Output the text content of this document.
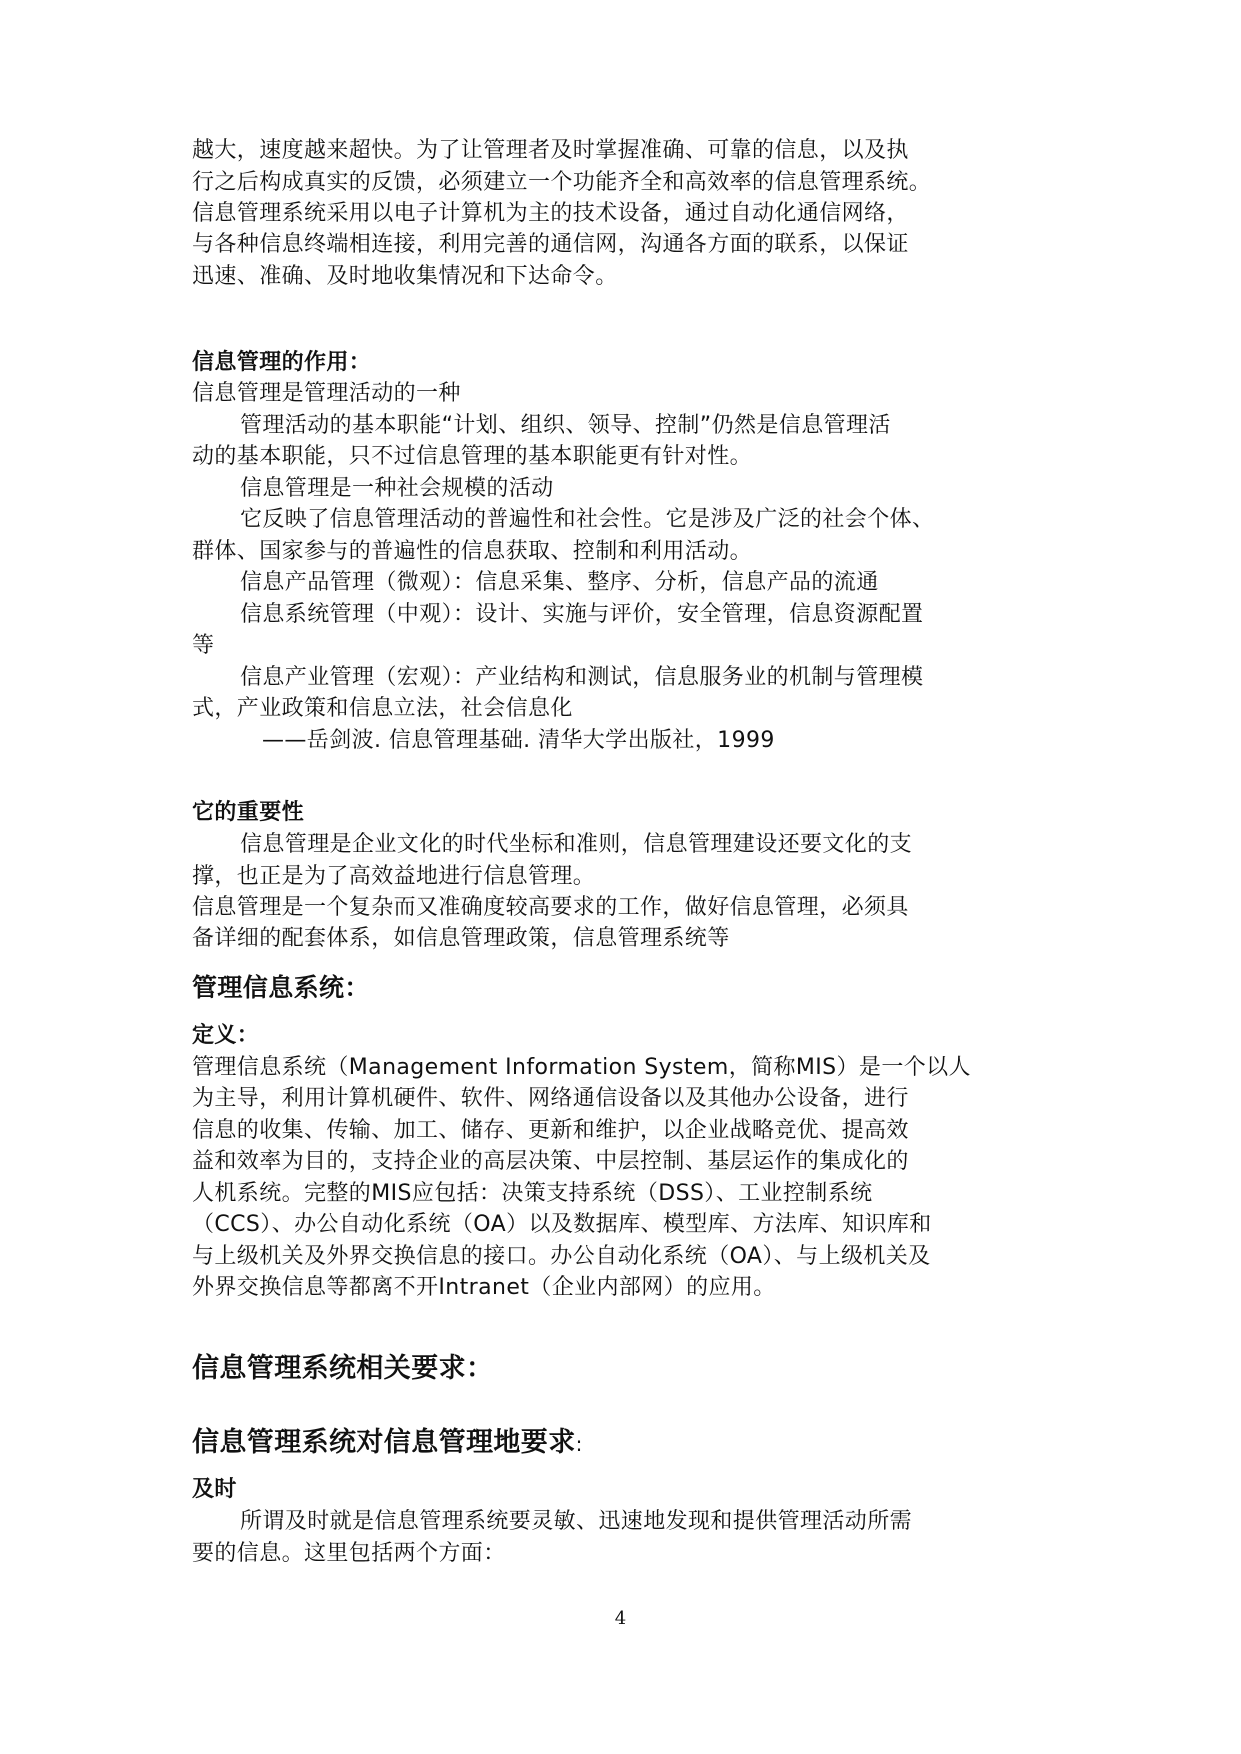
越大，速度越来超快。为了让管理者及时掌握准确、可靠的信息，以及执
行之后构成真实的反馈，必须建立一个功能齐全和高效率的信息管理系统。
信息管理系统采用以电子计算机为主的技术设备，通过自动化通信网络，
与各种信息终端相连接，利用完善的通信网，沟通各方面的联系，以保证
迅速、准确、及时地收集情况和下达命令。
信息管理的作用：
信息管理是管理活动的一种
管理活动的基本职能“计划、组织、领导、控制”仍然是信息管理活
动的基本职能，只不过信息管理的基本职能更有针对性。
信息管理是一种社会规模的活动
它反映了信息管理活动的普遍性和社会性。它是涉及广泛的社会个体、
群体、国家参与的普遍性的信息获取、控制和利用活动。
信息产品管理（微观）：信息采集、整序、分析，信息产品的流通
信息系统管理（中观）：设计、实施与评价，安全管理，信息资源配置
等
信息产业管理（宏观）：产业结构和测试，信息服务业的机制与管理模
式，产业政策和信息立法，社会信息化
——岳剑波. 信息管理基础. 清华大学出版社，1999
它的重要性
信息管理是企业文化的时代坐标和准则，信息管理建设还要文化的支
撑，也正是为了高效益地进行信息管理。
信息管理是一个复杂而又准确度较高要求的工作，做好信息管理，必须具
备详细的配套体系，如信息管理政策，信息管理系统等
管理信息系统：
定义：
管理信息系统（Management Information System，简称MIS）是一个以人
为主导，利用计算机硬件、软件、网络通信设备以及其他办公设备，进行
信息的收集、传输、加工、储存、更新和维护，以企业战略竞优、提高效
益和效率为目的，支持企业的高层决策、中层控制、基层运作的集成化的
人机系统。完整的MIS应包括：决策支持系统（DSS）、工业控制系统
（CCS）、办公自动化系统（OA）以及数据库、模型库、方法库、知识库和
与上级机关及外界交换信息的接口。办公自动化系统（OA）、与上级机关及
外界交换信息等都离不开Intranet（企业内部网）的应用。
信息管理系统相关要求：
信息管理系统对信息管理地要求:
及时
所谓及时就是信息管理系统要灵敏、迅速地发现和提供管理活动所需
要的信息。这里包括两个方面：
4
